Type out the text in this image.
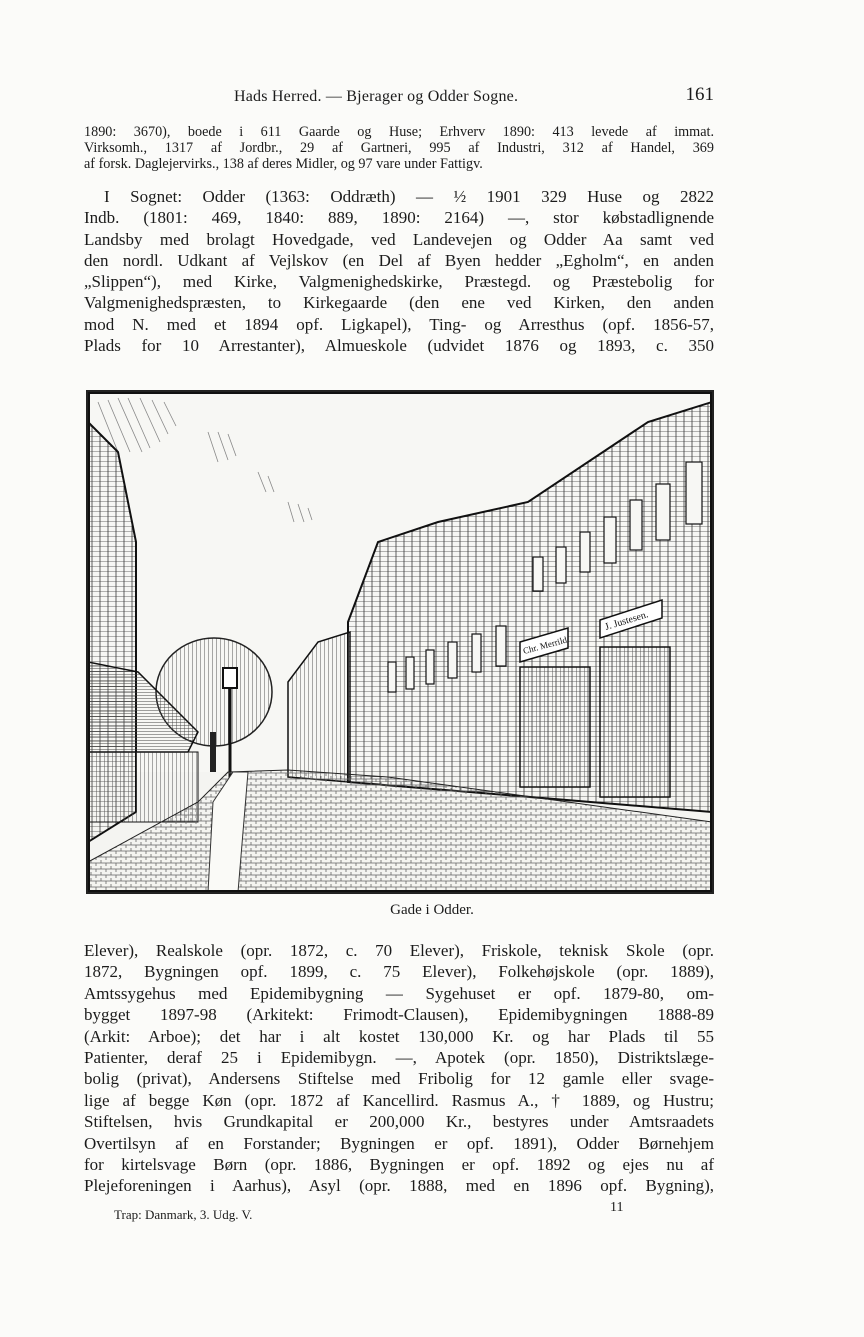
Hads Herred. — Bjerager og Odder Sogne.	161
1890: 3670), boede i 611 Gaarde og Huse; Erhverv 1890: 413 levede af immat.
Virksomh., 1317 af Jordbr., 29 af Gartneri, 995 af Industri, 312 af Handel, 369
af forsk. Daglejervirks., 138 af deres Midler, og 97 vare under Fattigv.
I Sognet: Odder (1363: Oddræth) — ½ 1901 329 Huse og 2822
Indb. (1801: 469, 1840: 889, 1890: 2164) —, stor købstadlignende
Landsby med brolagt Hovedgade, ved Landevejen og Odder Aa samt ved
den nordl. Udkant af Vejlskov (en Del af Byen hedder „Egholm“, en anden
„Slippen“), med Kirke, Valgmenighedskirke, Præstegd. og Præstebolig for
Valgmenighedspræsten, to Kirkegaarde (den ene ved Kirken, den anden
mod N. med et 1894 opf. Ligkapel), Ting- og Arresthus (opf. 1856-57,
Plads for 10 Arrestanter), Almueskole (udvidet 1876 og 1893, c. 350
Chr. Merrild
J. Justesen.
Gade i Odder.
Elever), Realskole (opr. 1872, c. 70 Elever), Friskole, teknisk Skole (opr.
1872, Bygningen opf. 1899, c. 75 Elever), Folkehøjskole (opr. 1889),
Amtssygehus med Epidemibygning — Sygehuset er opf. 1879-80, om-
bygget 1897-98 (Arkitekt: Frimodt-Clausen), Epidemibygningen 1888-89
(Arkit: Arboe); det har i alt kostet 130,000 Kr. og har Plads til 55
Patienter, deraf 25 i Epidemibygn. —, Apotek (opr. 1850), Distriktslæge-
bolig (privat), Andersens Stiftelse med Fribolig for 12 gamle eller svage-
lige af begge Køn (opr. 1872 af Kancellird. Rasmus A., † 1889, og Hustru;
Stiftelsen, hvis Grundkapital er 200,000 Kr., bestyres under Amtsraadets
Overtilsyn af en Forstander; Bygningen er opf. 1891), Odder Børnehjem
for kirtelsvage Børn (opr. 1886, Bygningen er opf. 1892 og ejes nu af
Plejeforeningen i Aarhus), Asyl (opr. 1888, med en 1896 opf. Bygning),
Trap: Danmark, 3. Udg. V.	11
